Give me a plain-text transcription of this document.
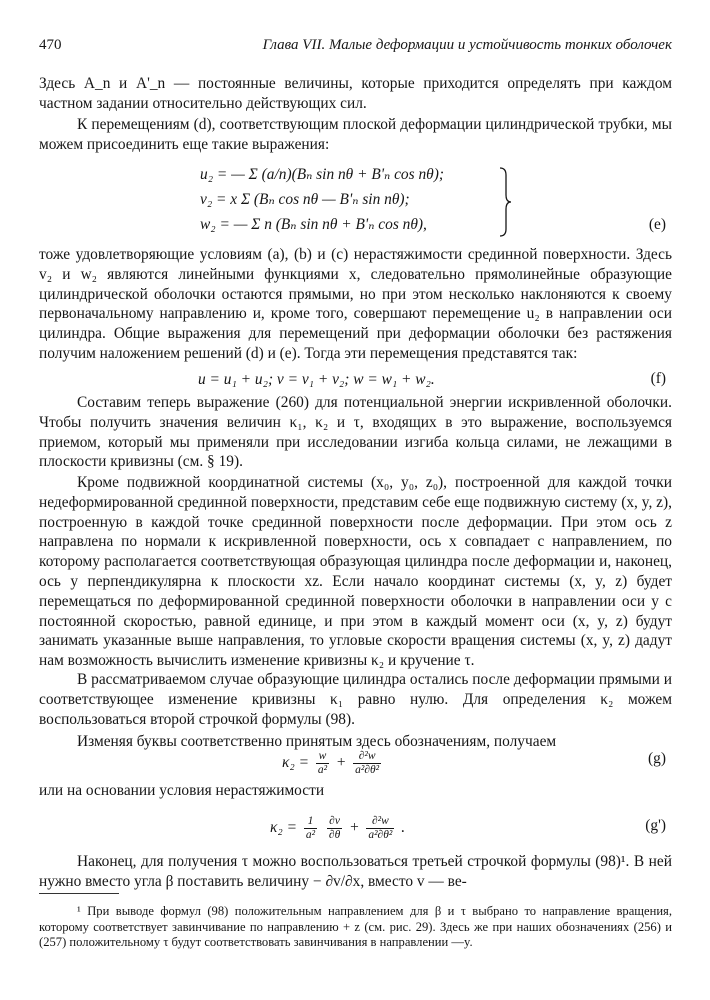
470	Глава VII. Малые деформации и устойчивость тонких оболочек

Здесь A_n и A'_n — постоянные величины, которые приходится определять при каждом частном задании относительно действующих сил.

К перемещениям (d), соответствующим плоской деформации цилиндрической трубки, мы можем присоединить еще такие выражения:

u₂ = — Σ (a/n)(Bₙ sin nθ + B'ₙ cos nθ);
v₂ = x Σ (Bₙ cos nθ — B'ₙ sin nθ);
w₂ = — Σ n (Bₙ sin nθ + B'ₙ cos nθ),	(e)

тоже удовлетворяющие условиям (a), (b) и (c) нерастяжимости срединной поверхности. Здесь v₂ и w₂ являются линейными функциями x, следовательно прямолинейные образующие цилиндрической оболочки остаются прямыми, но при этом несколько наклоняются к своему первоначальному направлению и, кроме того, совершают перемещение u₂ в направлении оси цилиндра. Общие выражения для перемещений при деформации оболочки без растяжения получим наложением решений (d) и (e). Тогда эти перемещения представятся так:

u = u₁ + u₂; v = v₁ + v₂; w = w₁ + w₂.	(f)

Составим теперь выражение (260) для потенциальной энергии искривленной оболочки. Чтобы получить значения величин κ₁, κ₂ и τ, входящих в это выражение, воспользуемся приемом, который мы применяли при исследовании изгиба кольца силами, не лежащими в плоскости кривизны (см. § 19).

Кроме подвижной координатной системы (x₀, y₀, z₀), построенной для каждой точки недеформированной срединной поверхности, представим себе еще подвижную систему (x, y, z), построенную в каждой точке срединной поверхности после деформации. При этом ось z направлена по нормали к искривленной поверхности, ось x совпадает с направлением, по которому располагается соответствующая образующая цилиндра после деформации и, наконец, ось y перпендикулярна к плоскости xz. Если начало координат системы (x, y, z) будет перемещаться по деформированной срединной поверхности оболочки в направлении оси y с постоянной скоростью, равной единице, и при этом в каждый момент оси (x, y, z) будут занимать указанные выше направления, то угловые скорости вращения системы (x, y, z) дадут нам возможность вычислить изменение кривизны κ₂ и кручение τ.

В рассматриваемом случае образующие цилиндра остались после деформации прямыми и соответствующее изменение кривизны κ₁ равно нулю. Для определения κ₂ можем воспользоваться второй строчкой формулы (98).

Изменяя буквы соответственно принятым здесь обозначениям, получаем

$\kappa_2 = \frac{w}{\text{a²}} + \frac{\text{∂²w}}{\text{a²∂θ²}}$	(g)

или на основании условия нерастяжимости

$\kappa_2 = \frac{1}{\text{a²}}$
$\frac{\partial v}{\partial\theta} + \frac{\text{∂²w}}{\text{a²∂θ²}}$ .	(g')

Наконец, для получения τ можно воспользоваться третьей строчкой формулы (98)¹. В ней нужно вместо угла β поставить величину − ∂v/∂x, вместо v — ве-

¹ При выводе формул (98) положительным направлением для β и τ выбрано то направление вращения, которому соответствует завинчивание по направлению + z (см. рис. 29). Здесь же при наших обозначениях (256) и (257) положительному τ будут соответствовать завинчивания в направлении —y.
